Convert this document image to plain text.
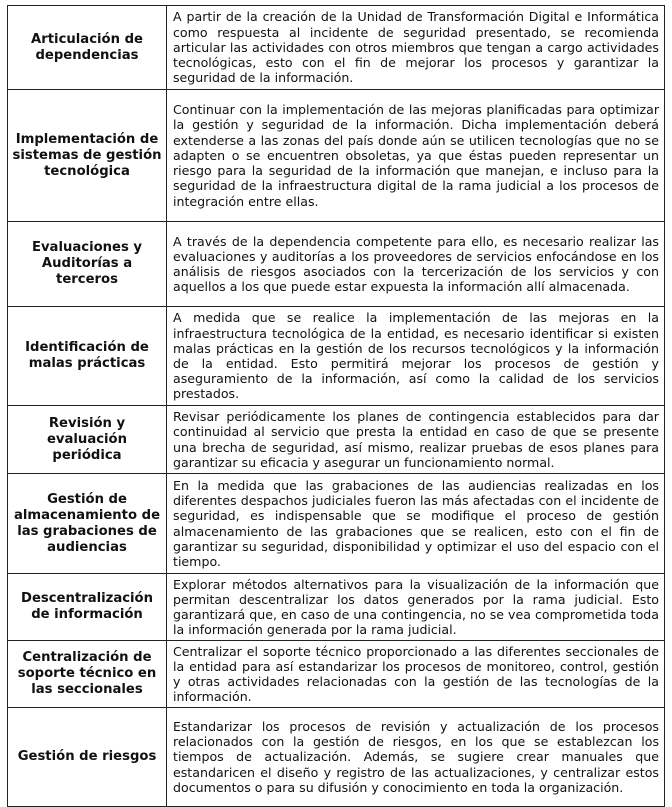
Articulación de dependencias	A partir de la creación de la Unidad de Transformación Digital e Informática como respuesta al incidente de seguridad presentado, se recomienda articular las actividades con otros miembros que tengan a cargo actividades tecnológicas, esto con el fin de mejorar los procesos y garantizar la seguridad de la información.
Implementación de sistemas de gestión tecnológica	Continuar con la implementación de las mejoras planificadas para optimizar la gestión y seguridad de la información. Dicha implementación deberá extenderse a las zonas del país donde aún se utilicen tecnologías que no se adapten o se encuentren obsoletas, ya que éstas pueden representar un riesgo para la seguridad de la información que manejan, e incluso para la seguridad de la infraestructura digital de la rama judicial a los procesos de integración entre ellas.
Evaluaciones y Auditorías a terceros	A través de la dependencia competente para ello, es necesario realizar las evaluaciones y auditorías a los proveedores de servicios enfocándose en los análisis de riesgos asociados con la tercerización de los servicios y con aquellos a los que puede estar expuesta la información allí almacenada.
Identificación de malas prácticas	A medida que se realice la implementación de las mejoras en la infraestructura tecnológica de la entidad, es necesario identificar si existen malas prácticas en la gestión de los recursos tecnológicos y la información de la entidad. Esto permitirá mejorar los procesos de gestión y aseguramiento de la información, así como la calidad de los servicios prestados.
Revisión y evaluación periódica	Revisar periódicamente los planes de contingencia establecidos para dar continuidad al servicio que presta la entidad en caso de que se presente una brecha de seguridad, así mismo, realizar pruebas de esos planes para garantizar su eficacia y asegurar un funcionamiento normal.
Gestión de almacenamiento de las grabaciones de audiencias	En la medida que las grabaciones de las audiencias realizadas en los diferentes despachos judiciales fueron las más afectadas con el incidente de seguridad, es indispensable que se modifique el proceso de gestión almacenamiento de las grabaciones que se realicen, esto con el fin de garantizar su seguridad, disponibilidad y optimizar el uso del espacio con el tiempo.
Descentralización de información	Explorar métodos alternativos para la visualización de la información que permitan descentralizar los datos generados por la rama judicial. Esto garantizará que, en caso de una contingencia, no se vea comprometida toda la información generada por la rama judicial.
Centralización de soporte técnico en las seccionales	Centralizar el soporte técnico proporcionado a las diferentes seccionales de la entidad para así estandarizar los procesos de monitoreo, control, gestión y otras actividades relacionadas con la gestión de las tecnologías de la información.
Gestión de riesgos	Estandarizar los procesos de revisión y actualización de los procesos relacionados con la gestión de riesgos, en los que se establezcan los tiempos de actualización. Además, se sugiere crear manuales que estandaricen el diseño y registro de las actualizaciones, y centralizar estos documentos o para su difusión y conocimiento en toda la organización.
